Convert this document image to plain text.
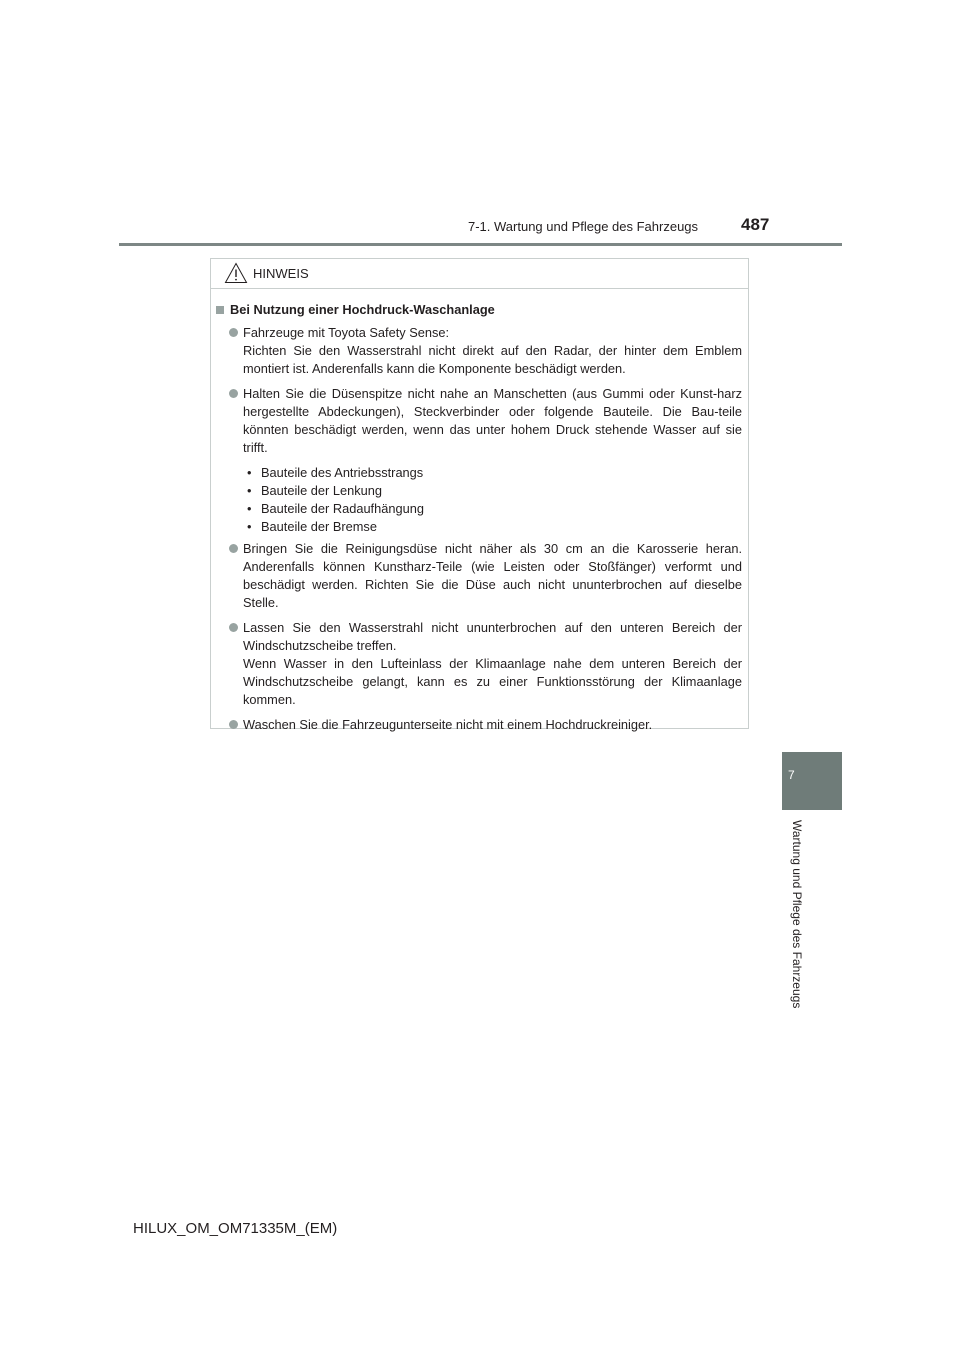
7-1. Wartung und Pflege des Fahrzeugs	487
7
Wartung und Pflege des Fahrzeugs
HINWEIS
Bei Nutzung einer Hochdruck-Waschanlage
Fahrzeuge mit Toyota Safety Sense:
Richten Sie den Wasserstrahl nicht direkt auf den Radar, der hinter dem Emblem montiert ist. Anderenfalls kann die Komponente beschädigt werden.
Halten Sie die Düsenspitze nicht nahe an Manschetten (aus Gummi oder Kunst-harz hergestellte Abdeckungen), Steckverbinder oder folgende Bauteile. Die Bau-teile könnten beschädigt werden, wenn das unter hohem Druck stehende Wasser auf sie trifft.
• Bauteile des Antriebsstrangs
• Bauteile der Lenkung
• Bauteile der Radaufhängung
• Bauteile der Bremse
Bringen Sie die Reinigungsdüse nicht näher als 30 cm an die Karosserie heran. Anderenfalls können Kunstharz-Teile (wie Leisten oder Stoßfänger) verformt und beschädigt werden. Richten Sie die Düse auch nicht ununterbrochen auf dieselbe Stelle.
Lassen Sie den Wasserstrahl nicht ununterbrochen auf den unteren Bereich der Windschutzscheibe treffen.
Wenn Wasser in den Lufteinlass der Klimaanlage nahe dem unteren Bereich der Windschutzscheibe gelangt, kann es zu einer Funktionsstörung der Klimaanlage kommen.
Waschen Sie die Fahrzeugunterseite nicht mit einem Hochdruckreiniger.
HILUX_OM_OM71335M_(EM)
